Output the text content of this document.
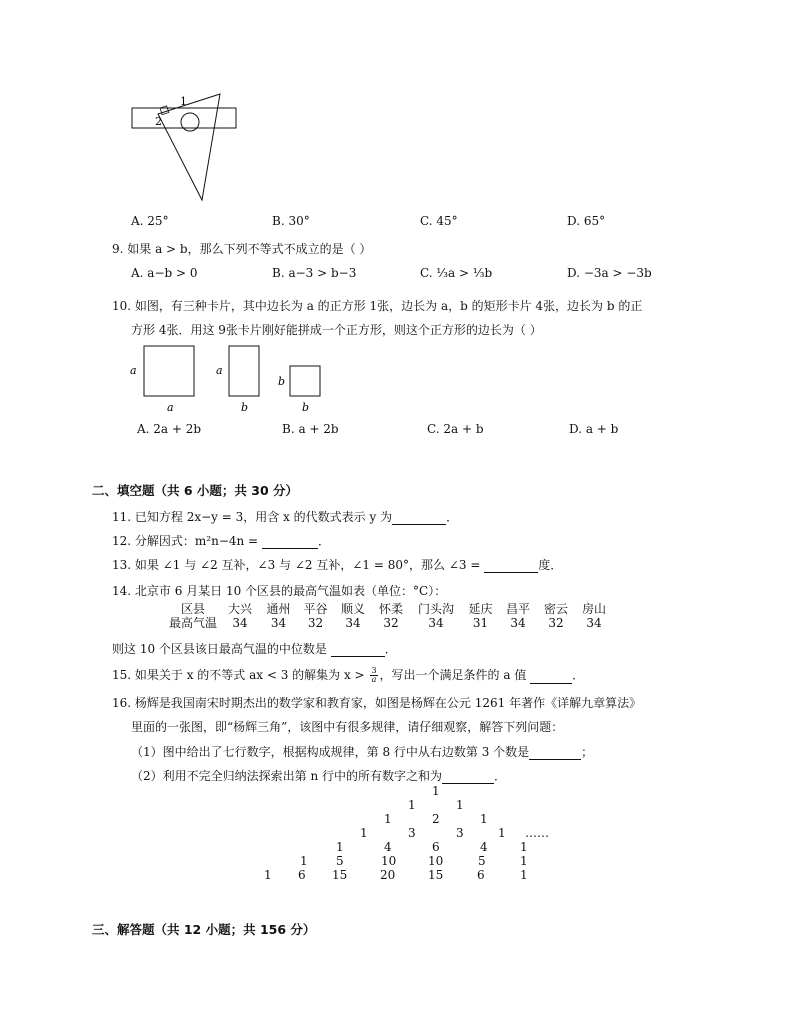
1
2
A. 25°	B. 30°	C. 45°	D. 65°
9. 如果 a > b，那么下列不等式不成立的是（ ）
A. a−b > 0	B. a−3 > b−3	C. ⅓a > ⅓b	D. −3a > −3b
10. 如图，有三种卡片，其中边长为 a 的正方形 1张，边长为 a，b 的矩形卡片 4张，边长为 b 的正
方形 4张．用这 9张卡片刚好能拼成一个正方形，则这个正方形的边长为（ ）
a
a
a
b
b
b
A. 2a + 2b	B. a + 2b	C. 2a + b	D. a + b
二、填空题（共 6 小题；共 30 分）
11. 已知方程 2x−y = 3，用含 x 的代数式表示 y 为	．
12. 分解因式：m²n−4n =	．
13. 如果 ∠1 与 ∠2 互补，∠3 与 ∠2 互补，∠1 = 80°，那么 ∠3 =	度．
14. 北京市 6 月某日 10 个区县的最高气温如表（单位：°C）：
区县	大兴	通州	平谷	顺义	怀柔	门头沟	延庆	昌平	密云	房山
最高气温	34	34	32	34	32	34	31	34	32	34
则这 10 个区县该日最高气温的中位数是	．
15. 如果关于 x 的不等式 ax < 3 的解集为 $x > \frac{3}{a}$ ，写出一个满足条件的 a 值	．
16. 杨辉是我国南宋时期杰出的数学家和教育家，如图是杨辉在公元 1261 年著作《详解九章算法》
里面的一张图，即“杨辉三角”，该图中有很多规律，请仔细观察，解答下列问题：
（1）图中给出了七行数字，根据构成规律，第 8 行中从右边数第 3 个数是	；
（2）利用不完全归纳法探索出第 n 行中的所有数字之和为	．
1
1	1
1	2	1
1	3	3	1 ……
1	4	6	4	1
1 5	10	10	5	1
1 6 15	20	15	6	1
三、解答题（共 12 小题；共 156 分）
